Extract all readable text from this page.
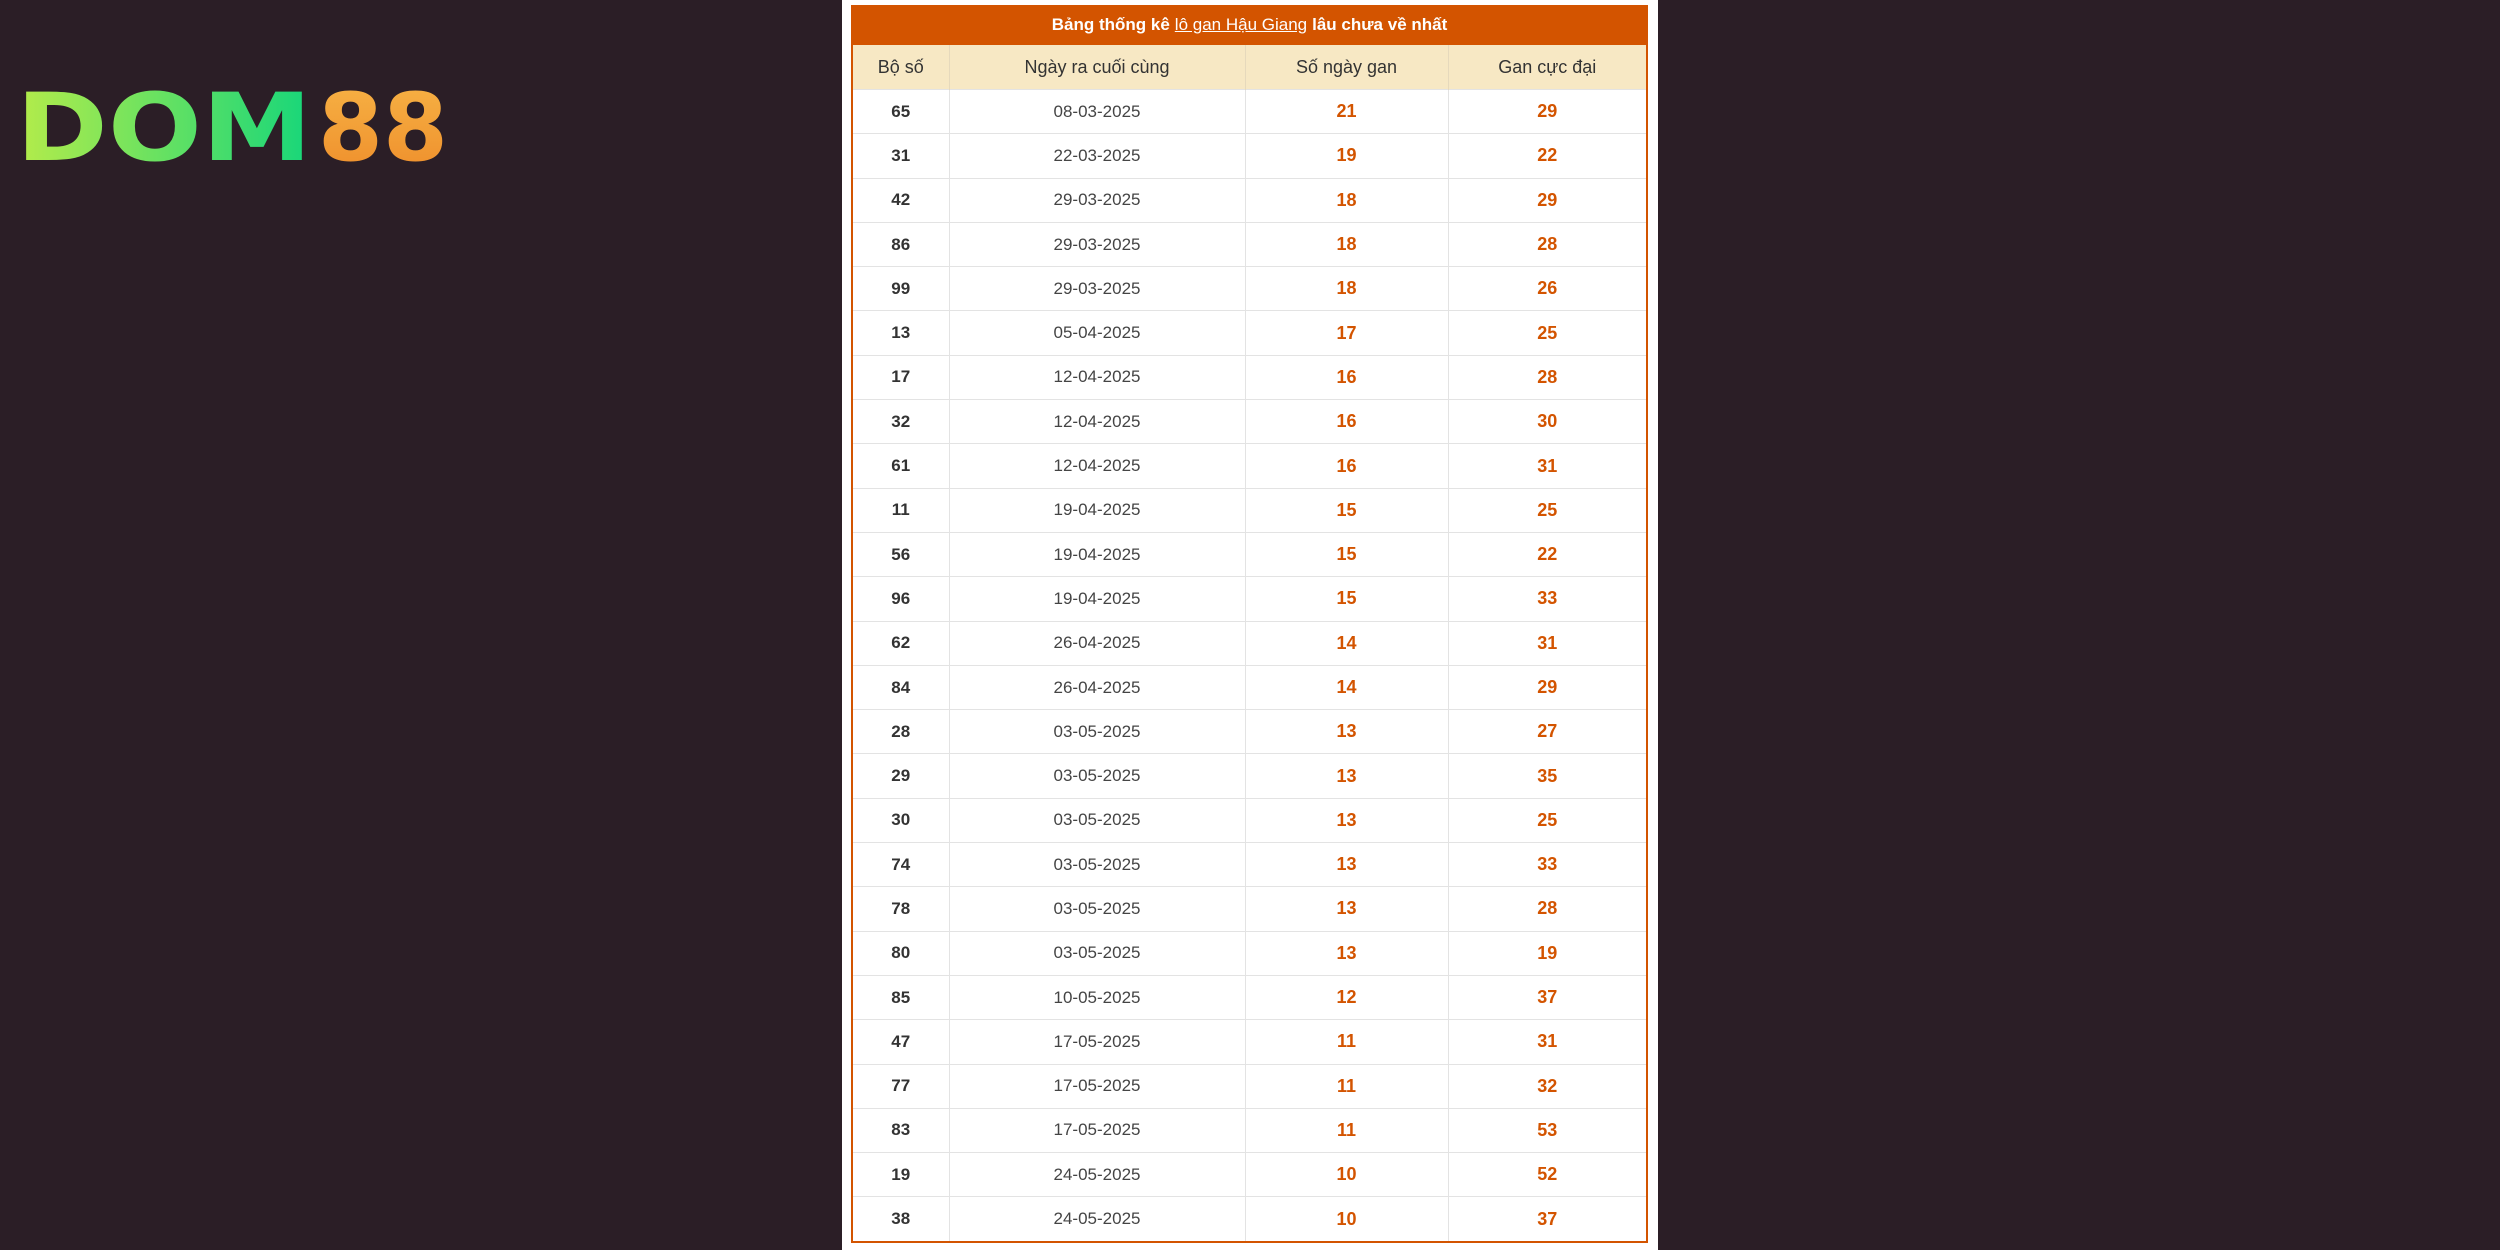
DOM 88
Bảng thống kê lô gan Hậu Giang lâu chưa về nhất
Bộ số	Ngày ra cuối cùng	Số ngày gan	Gan cực đại
65	08-03-2025	21	29
31	22-03-2025	19	22
42	29-03-2025	18	29
86	29-03-2025	18	28
99	29-03-2025	18	26
13	05-04-2025	17	25
17	12-04-2025	16	28
32	12-04-2025	16	30
61	12-04-2025	16	31
11	19-04-2025	15	25
56	19-04-2025	15	22
96	19-04-2025	15	33
62	26-04-2025	14	31
84	26-04-2025	14	29
28	03-05-2025	13	27
29	03-05-2025	13	35
30	03-05-2025	13	25
74	03-05-2025	13	33
78	03-05-2025	13	28
80	03-05-2025	13	19
85	10-05-2025	12	37
47	17-05-2025	11	31
77	17-05-2025	11	32
83	17-05-2025	11	53
19	24-05-2025	10	52
38	24-05-2025	10	37
